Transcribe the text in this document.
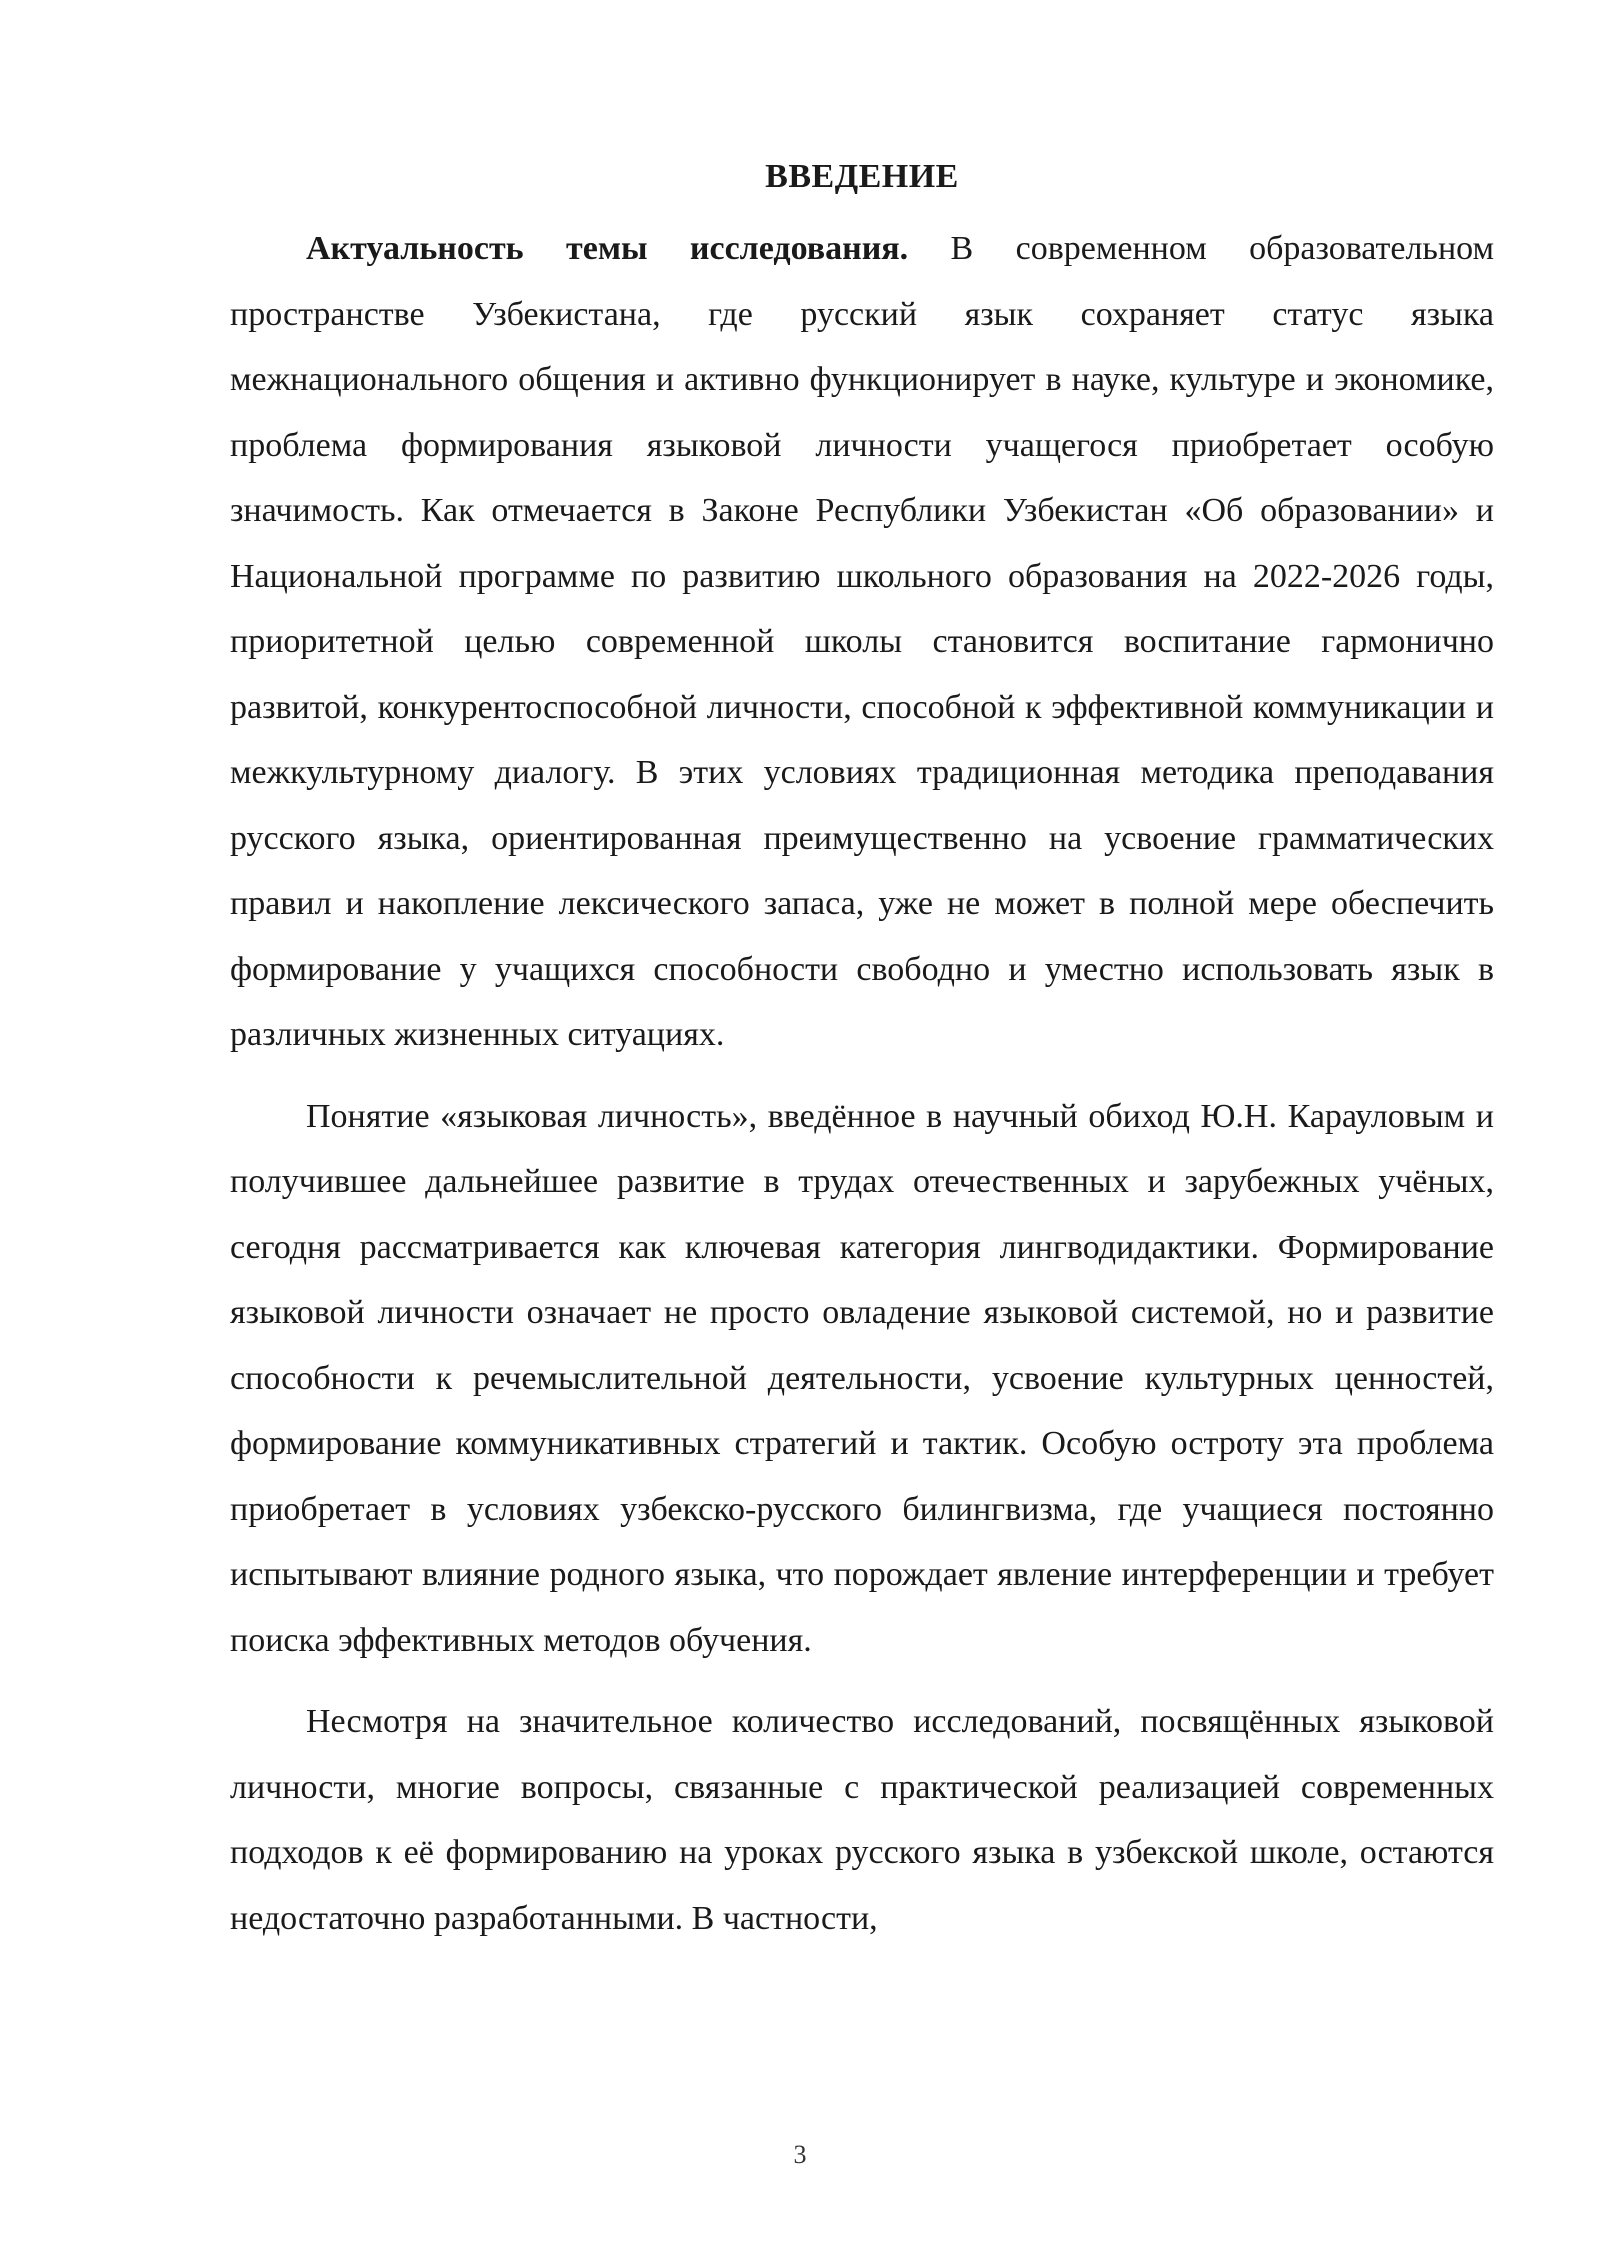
ВВЕДЕНИЕ

Актуальность темы исследования. В современном образовательном пространстве Узбекистана, где русский язык сохраняет статус языка межнационального общения и активно функционирует в науке, культуре и экономике, проблема формирования языковой личности учащегося приобретает особую значимость. Как отмечается в Законе Республики Узбекистан «Об образовании» и Национальной программе по развитию школьного образования на 2022-2026 годы, приоритетной целью современной школы становится воспитание гармонично развитой, конкурентоспособной личности, способной к эффективной коммуникации и межкультурному диалогу. В этих условиях традиционная методика преподавания русского языка, ориентированная преимущественно на усвоение грамматических правил и накопление лексического запаса, уже не может в полной мере обеспечить формирование у учащихся способности свободно и уместно использовать язык в различных жизненных ситуациях.

Понятие «языковая личность», введённое в научный обиход Ю.Н. Карауловым и получившее дальнейшее развитие в трудах отечественных и зарубежных учёных, сегодня рассматривается как ключевая категория лингводидактики. Формирование языковой личности означает не просто овладение языковой системой, но и развитие способности к речемыслительной деятельности, усвоение культурных ценностей, формирование коммуникативных стратегий и тактик. Особую остроту эта проблема приобретает в условиях узбекско-русского билингвизма, где учащиеся постоянно испытывают влияние родного языка, что порождает явление интерференции и требует поиска эффективных методов обучения.

Несмотря на значительное количество исследований, посвящённых языковой личности, многие вопросы, связанные с практической реализацией современных подходов к её формированию на уроках русского языка в узбекской школе, остаются недостаточно разработанными. В частности,

3
